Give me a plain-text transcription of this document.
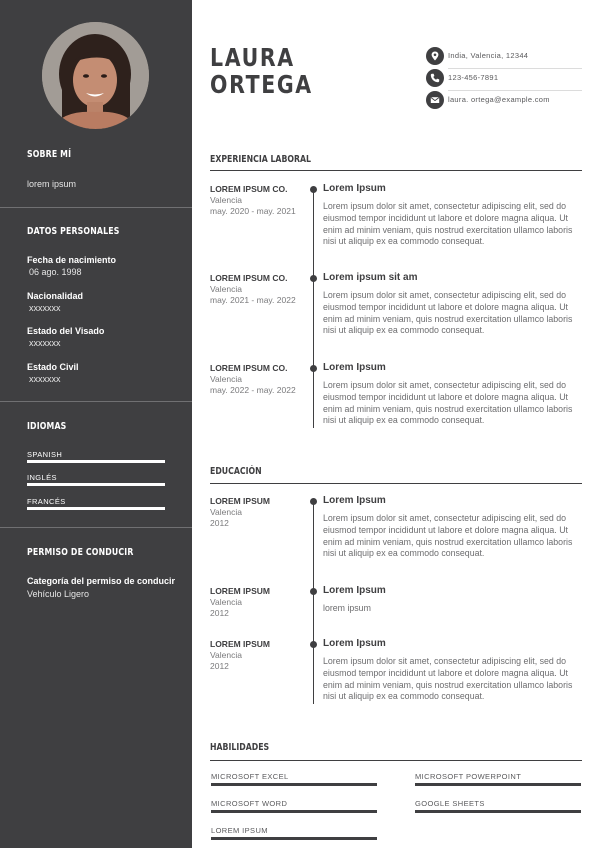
SOBRE MÍ
lorem ipsum
DATOS PERSONALES
Fecha de nacimiento
06 ago. 1998
Nacionalidad
xxxxxxx
Estado del Visado
xxxxxxx
Estado Civil
xxxxxxx
IDIOMAS
SPANISH
INGLÉS
FRANCÉS
PERMISO DE CONDUCIR
Categoría del permiso de conducir
Vehículo Ligero
LAURA
ORTEGA
India, Valencia, 12344
123-456-7891
laura. ortega@example.com
EXPERIENCIA LABORAL
LOREM IPSUM CO.
Valencia
may. 2020 - may. 2021
Lorem Ipsum
Lorem ipsum dolor sit amet, consectetur adipiscing elit, sed do eiusmod tempor incididunt ut labore et dolore magna aliqua. Ut enim ad minim veniam, quis nostrud exercitation ullamco laboris nisi ut aliquip ex ea commodo consequat.
LOREM IPSUM CO.
Valencia
may. 2021 - may. 2022
Lorem ipsum sit am
Lorem ipsum dolor sit amet, consectetur adipiscing elit, sed do eiusmod tempor incididunt ut labore et dolore magna aliqua. Ut enim ad minim veniam, quis nostrud exercitation ullamco laboris nisi ut aliquip ex ea commodo consequat.
LOREM IPSUM CO.
Valencia
may. 2022 - may. 2022
Lorem Ipsum
Lorem ipsum dolor sit amet, consectetur adipiscing elit, sed do eiusmod tempor incididunt ut labore et dolore magna aliqua. Ut enim ad minim veniam, quis nostrud exercitation ullamco laboris nisi ut aliquip ex ea commodo consequat.
EDUCACIÓN
LOREM IPSUM
Valencia
2012
Lorem Ipsum
Lorem ipsum dolor sit amet, consectetur adipiscing elit, sed do eiusmod tempor incididunt ut labore et dolore magna aliqua. Ut enim ad minim veniam, quis nostrud exercitation ullamco laboris nisi ut aliquip ex ea commodo consequat.
LOREM IPSUM
Valencia
2012
Lorem Ipsum
lorem ipsum
LOREM IPSUM
Valencia
2012
Lorem Ipsum
Lorem ipsum dolor sit amet, consectetur adipiscing elit, sed do eiusmod tempor incididunt ut labore et dolore magna aliqua. Ut enim ad minim veniam, quis nostrud exercitation ullamco laboris nisi ut aliquip ex ea commodo consequat.
HABILIDADES
MICROSOFT EXCEL	MICROSOFT POWERPOINT
MICROSOFT WORD	GOOGLE SHEETS
LOREM IPSUM
